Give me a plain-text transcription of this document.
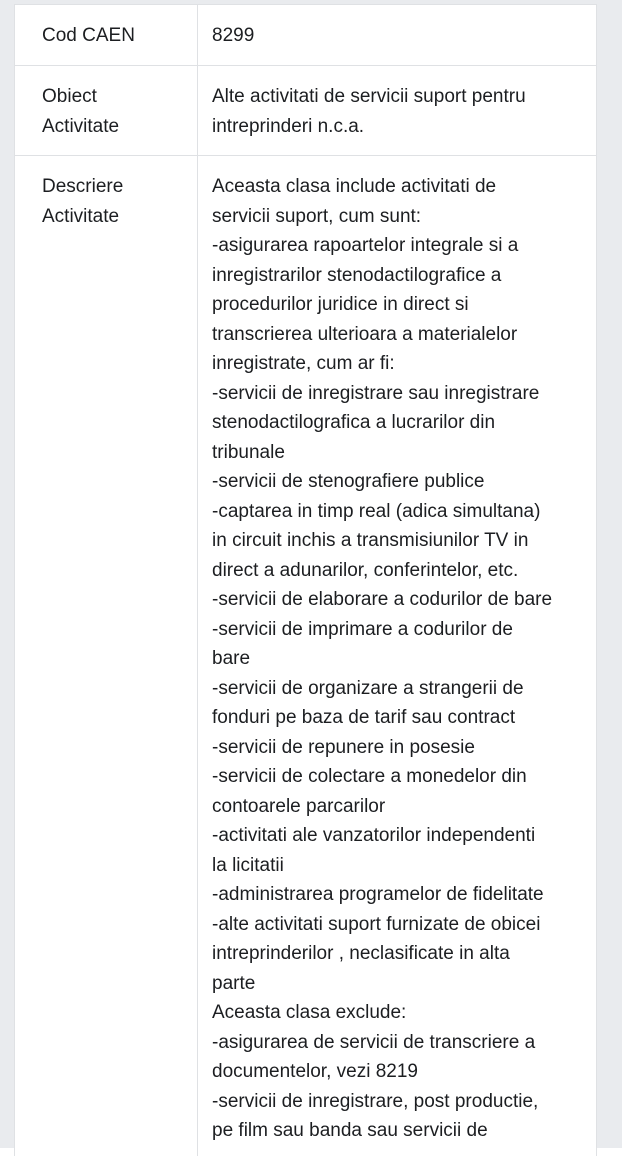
Cod CAEN	8299
Obiect
Activitate
Alte activitati de servicii suport pentru
intreprinderi n.c.a.
Descriere
Activitate
Aceasta clasa include activitati de
servicii suport, cum sunt:
-asigurarea rapoartelor integrale si a
inregistrarilor stenodactilografice a
procedurilor juridice in direct si
transcrierea ulterioara a materialelor
inregistrate, cum ar fi:
-servicii de inregistrare sau inregistrare
stenodactilografica a lucrarilor din
tribunale
-servicii de stenografiere publice
-captarea in timp real (adica simultana)
in circuit inchis a transmisiunilor TV in
direct a adunarilor, conferintelor, etc.
-servicii de elaborare a codurilor de bare
-servicii de imprimare a codurilor de
bare
-servicii de organizare a strangerii de
fonduri pe baza de tarif sau contract
-servicii de repunere in posesie
-servicii de colectare a monedelor din
contoarele parcarilor
-activitati ale vanzatorilor independenti
la licitatii
-administrarea programelor de fidelitate
-alte activitati suport furnizate de obicei
intreprinderilor , neclasificate in alta
parte
Aceasta clasa exclude:
-asigurarea de servicii de transcriere a
documentelor, vezi 8219
-servicii de inregistrare, post productie,
pe film sau banda sau servicii de
